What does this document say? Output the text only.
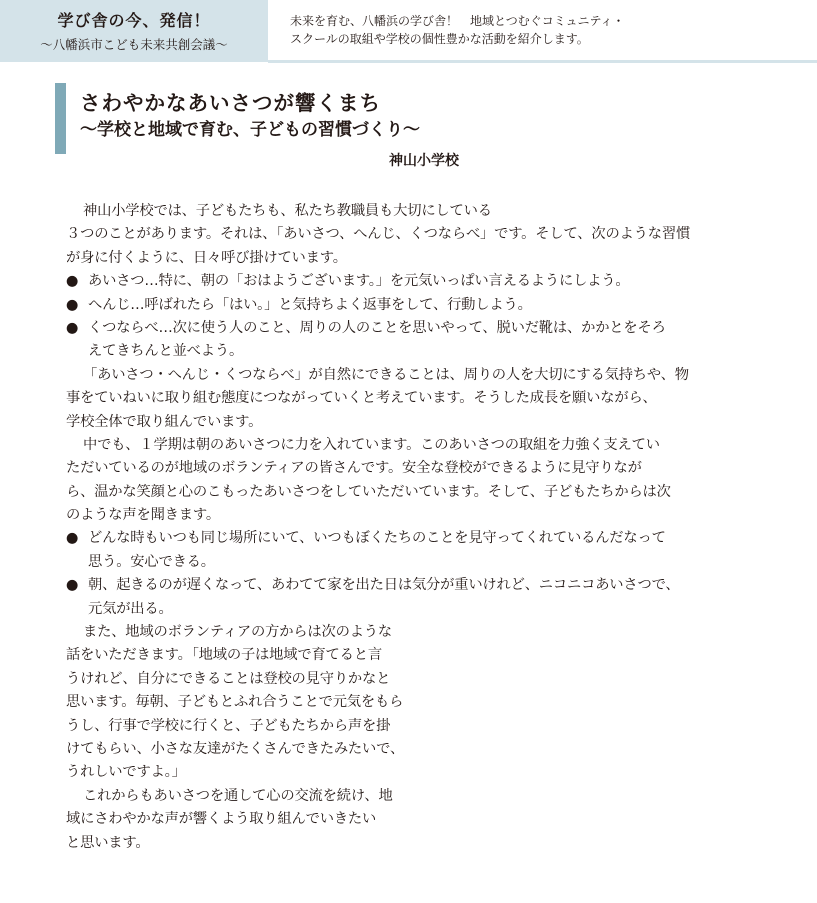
学び舎の今、発信！
～八幡浜市こども未来共創会議～
未来を育む、八幡浜の学び舎！　地域とつむぐコミュニティ・
スクールの取組や学校の個性豊かな活動を紹介します。
さわやかなあいさつが響くまち
～学校と地域で育む、子どもの習慣づくり～
神山小学校
神山小学校では、子どもたちも、私たち教職員も大切にしている
３つのことがあります。それは、「あいさつ、へんじ、くつならべ」です。そして、次のような習慣
が身に付くように、日々呼び掛けています。
● あいさつ…特に、朝の「おはようございます。」を元気いっぱい言えるようにしよう。
● へんじ…呼ばれたら「はい。」と気持ちよく返事をして、行動しよう。
● くつならべ…次に使う人のこと、周りの人のことを思いやって、脱いだ靴は、かかとをそろ
えてきちんと並べよう。
「あいさつ・へんじ・くつならべ」が自然にできることは、周りの人を大切にする気持ちや、物
事をていねいに取り組む態度につながっていくと考えています。そうした成長を願いながら、
学校全体で取り組んでいます。
中でも、１学期は朝のあいさつに力を入れています。このあいさつの取組を力強く支えてい
ただいているのが地域のボランティアの皆さんです。安全な登校ができるように見守りなが
ら、温かな笑顔と心のこもったあいさつをしていただいています。そして、子どもたちからは次
のような声を聞きます。
● どんな時もいつも同じ場所にいて、いつもぼくたちのことを見守ってくれているんだなって
思う。安心できる。
● 朝、起きるのが遅くなって、あわてて家を出た日は気分が重いけれど、ニコニコあいさつで、
元気が出る。
また、地域のボランティアの方からは次のような
話をいただきます。「地域の子は地域で育てると言
うけれど、自分にできることは登校の見守りかなと
思います。毎朝、子どもとふれ合うことで元気をもら
うし、行事で学校に行くと、子どもたちから声を掛
けてもらい、小さな友達がたくさんできたみたいで、
うれしいですよ。」
これからもあいさつを通して心の交流を続け、地
域にさわやかな声が響くよう取り組んでいきたい
と思います。
